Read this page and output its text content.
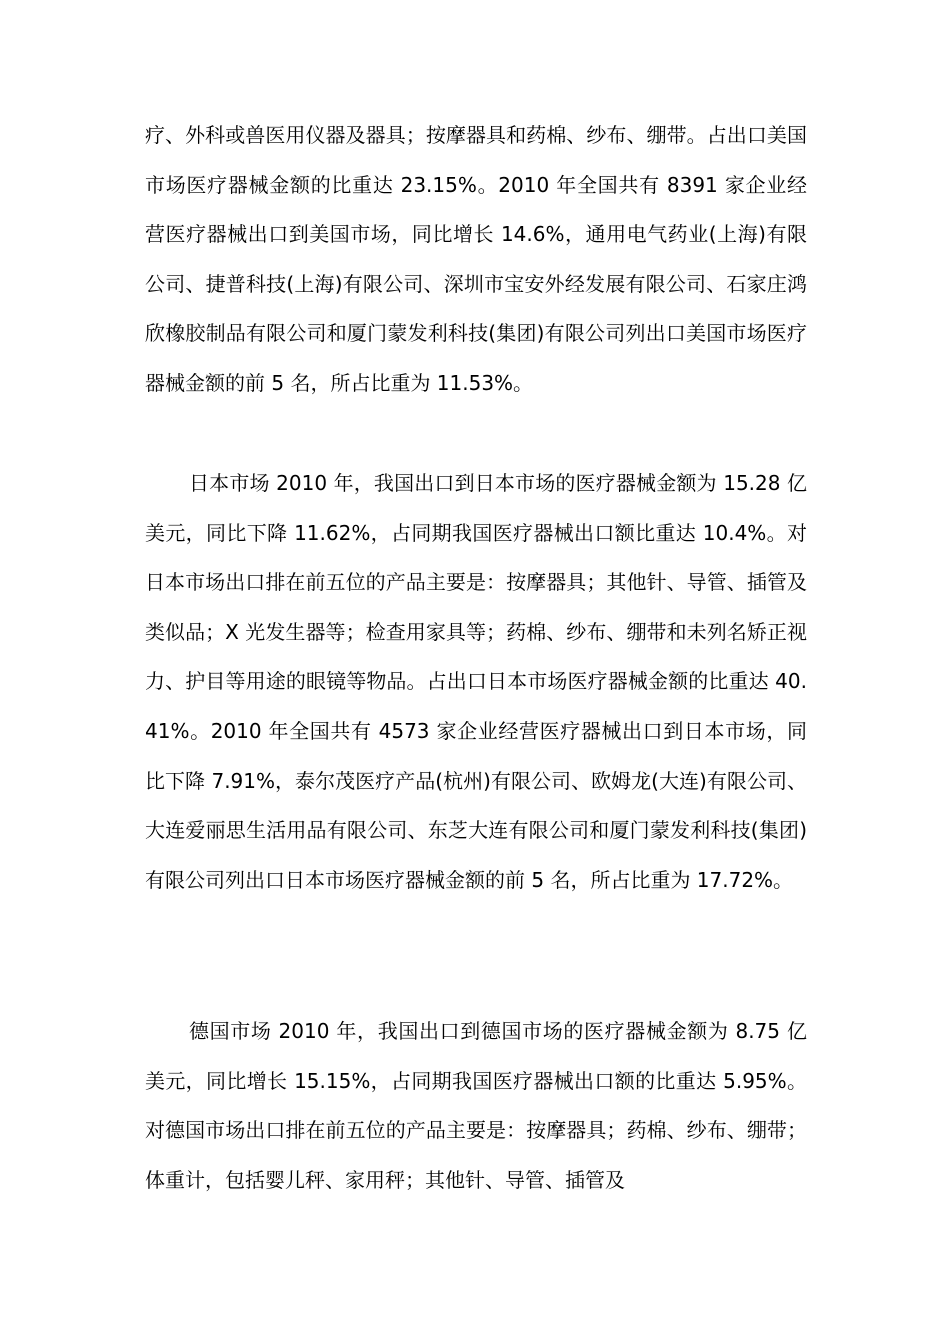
疗、外科或兽医用仪器及器具；按摩器具和药棉、纱布、绷带。占出口美国市场医疗器械金额的比重达 23.15%。2010 年全国共有 8391 家企业经营医疗器械出口到美国市场，同比增长 14.6%，通用电气药业(上海)有限公司、捷普科技(上海)有限公司、深圳市宝安外经发展有限公司、石家庄鸿欣橡胶制品有限公司和厦门蒙发利科技(集团)有限公司列出口美国市场医疗器械金额的前 5 名，所占比重为 11.53%。

日本市场 2010 年，我国出口到日本市场的医疗器械金额为 15.28 亿美元，同比下降 11.62%，占同期我国医疗器械出口额比重达 10.4%。对日本市场出口排在前五位的产品主要是：按摩器具；其他针、导管、插管及类似品；X 光发生器等；检查用家具等；药棉、纱布、绷带和未列名矫正视力、护目等用途的眼镜等物品。占出口日本市场医疗器械金额的比重达 40.41%。2010 年全国共有 4573 家企业经营医疗器械出口到日本市场，同比下降 7.91%，泰尔茂医疗产品(杭州)有限公司、欧姆龙(大连)有限公司、大连爱丽思生活用品有限公司、东芝大连有限公司和厦门蒙发利科技(集团)有限公司列出口日本市场医疗器械金额的前 5 名，所占比重为 17.72%。

德国市场 2010 年，我国出口到德国市场的医疗器械金额为 8.75 亿美元，同比增长 15.15%，占同期我国医疗器械出口额的比重达 5.95%。对德国市场出口排在前五位的产品主要是：按摩器具；药棉、纱布、绷带；体重计，包括婴儿秤、家用秤；其他针、导管、插管及
